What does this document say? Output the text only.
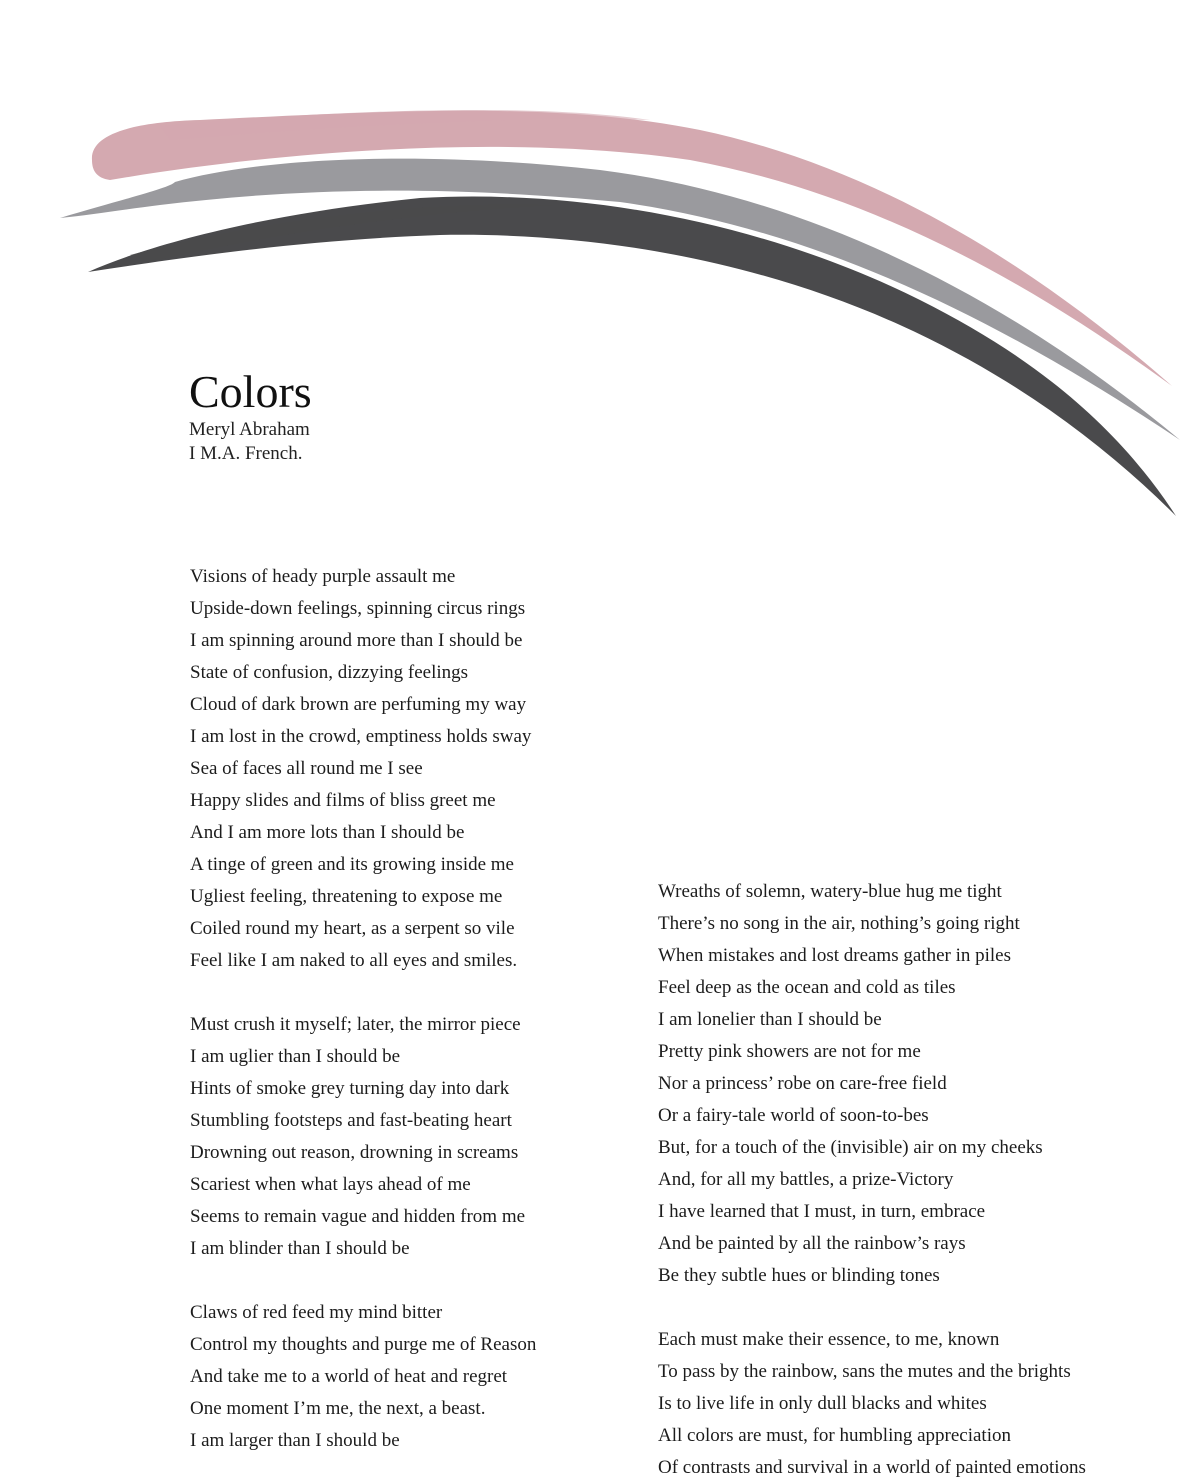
Colors
Meryl Abraham
I M.A. French.
Visions of heady purple assault me
Upside-down feelings, spinning circus rings
I am spinning around more than I should be
State of confusion, dizzying feelings
Cloud of dark brown are perfuming my way
I am lost in the crowd, emptiness holds sway
Sea of faces all round me I see
Happy slides and films of bliss greet me
And I am more lots than I should be
A tinge of green and its growing inside me
Ugliest feeling, threatening to expose me
Coiled round my heart, as a serpent so vile
Feel like I am naked to all eyes and smiles.
Must crush it myself; later, the mirror piece
I am uglier than I should be
Hints of smoke grey turning day into dark
Stumbling footsteps and fast-beating heart
Drowning out reason, drowning in screams
Scariest when what lays ahead of me
Seems to remain vague and hidden from me
I am blinder than I should be
Claws of red feed my mind bitter
Control my thoughts and purge me of Reason
And take me to a world of heat and regret
One moment I’m me, the next, a beast.
I am larger than I should be
Wreaths of solemn, watery-blue hug me tight
There’s no song in the air, nothing’s going right
When mistakes and lost dreams gather in piles
Feel deep as the ocean and cold as tiles
I am lonelier than I should be
Pretty pink showers are not for me
Nor a princess’ robe on care-free field
Or a fairy-tale world of soon-to-bes
But, for a touch of the (invisible) air on my cheeks
And, for all my battles, a prize-Victory
I have learned that I must, in turn, embrace
And be painted by all the rainbow’s rays
Be they subtle hues or blinding tones
Each must make their essence, to me, known
To pass by the rainbow, sans the mutes and the brights
Is to live life in only dull blacks and whites
All colors are must, for humbling appreciation
Of contrasts and survival in a world of painted emotions
